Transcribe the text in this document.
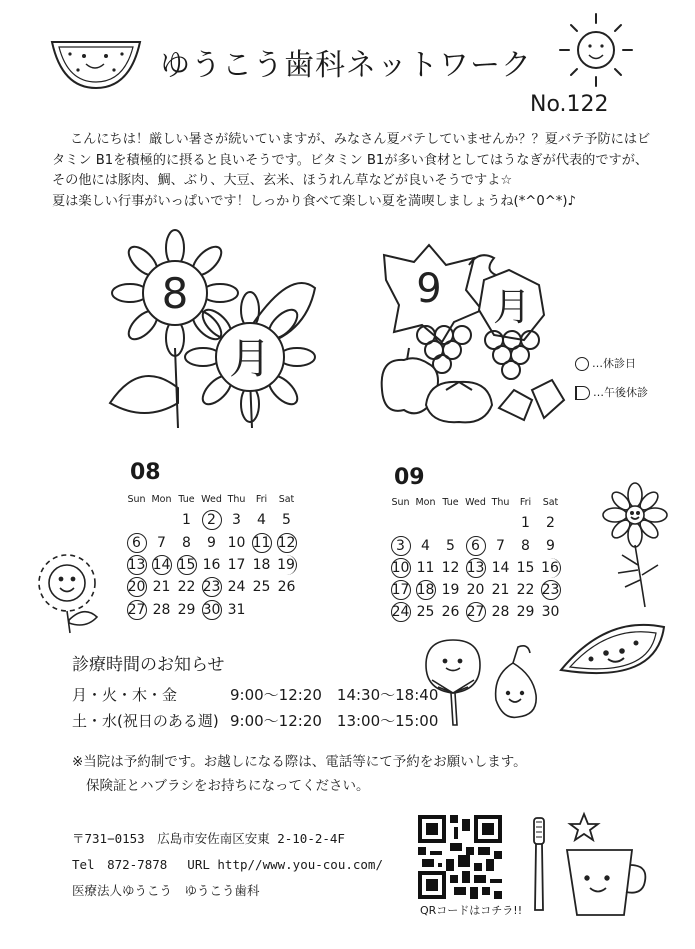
ゆうこう歯科ネットワーク
No.122

こんにちは！厳しい暑さが続いていますが、みなさん夏バテしていませんか？？夏バテ予防にはビタミン B1を積極的に摂ると良いそうです。ビタミン B1が多い食材としてはうなぎが代表的ですが、その他には豚肉、鯛、ぶり、大豆、玄米、ほうれん草などが良いそうですよ☆

夏は楽しい行事がいっぱいです！しっかり食べて楽しい夏を満喫しましょうね(*^0^*)♪

8
月
9 月
…休診日
…午後休診
08
Sun	Mon	Tue	Wed	Thu	Fri	Sat
		1	2	3	4	5
6	7	8	9	10	11	12
13	14	15	16	17	18	19
20	21	22	23	24	25	26
27	28	29	30	31		
09
Sun	Mon	Tue	Wed	Thu	Fri	Sat
					1	2
3	4	5	6	7	8	9
10	11	12	13	14	15	16
17	18	19	20	21	22	23
24	25	26	27	28	29	30
診療時間のお知らせ
月・火・木・金	9:00～12:20　14:30～18:40
土・水(祝日のある週) 9:00～12:20　13:00～15:00

※当院は予約制です。お越しになる際は、電話等にて予約をお願いします。

保険証とハブラシをお持ちになってください。

〒731−0153　広島市安佐南区安東 2-10-2-4F

Tel　872-7878　 URL http//www.you-cou.com/

医療法人ゆうこう　ゆうこう歯科

QRコードはコチラ!!
